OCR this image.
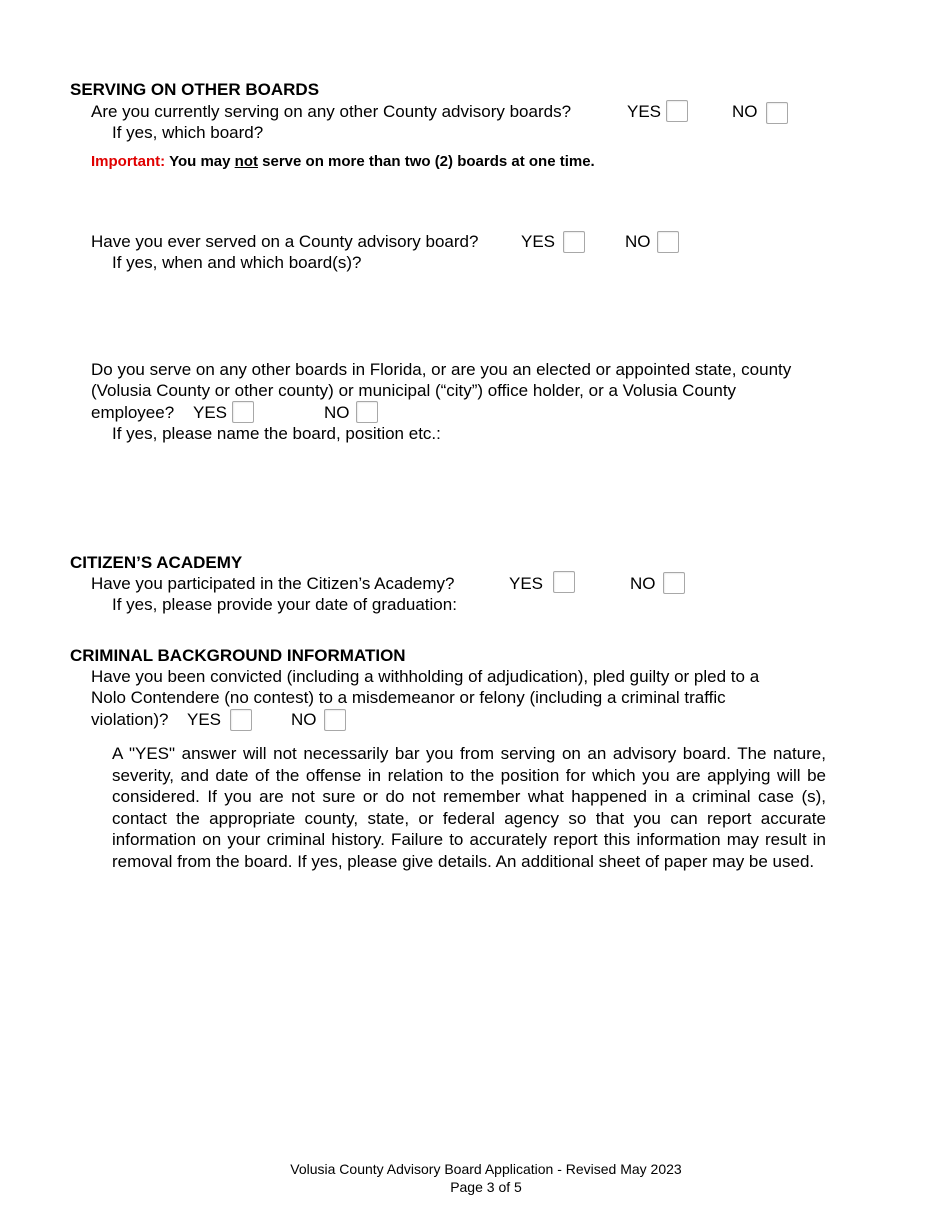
SERVING ON OTHER BOARDS
Are you currently serving on any other County advisory boards?	YES	NO
If yes, which board?
Important: You may not serve on more than two (2) boards at one time.
Have you ever served on a County advisory board?	YES	NO
If yes, when and which board(s)?
Do you serve on any other boards in Florida, or are you an elected or appointed state, county
(Volusia County or other county) or municipal (“city”) office holder, or a Volusia County
employee? YES	NO
If yes, please name the board, position etc.:
CITIZEN’S ACADEMY
Have you participated in the Citizen’s Academy?	YES	NO
If yes, please provide your date of graduation:
CRIMINAL BACKGROUND INFORMATION
Have you been convicted (including a withholding of adjudication), pled guilty or pled to a
Nolo Contendere (no contest) to a misdemeanor or felony (including a criminal traffic
violation)? YES	NO
A "YES" answer will not necessarily bar you from serving on an advisory board. The nature, severity, and date of the offense in relation to the position for which you are applying will be considered. If you are not sure or do not remember what happened in a criminal case (s), contact the appropriate county, state, or federal agency so that you can report accurate information on your criminal history. Failure to accurately report this information may result in removal from the board. If yes, please give details. An additional sheet of paper may be used.
Volusia County Advisory Board Application - Revised May 2023
Page 3 of 5
